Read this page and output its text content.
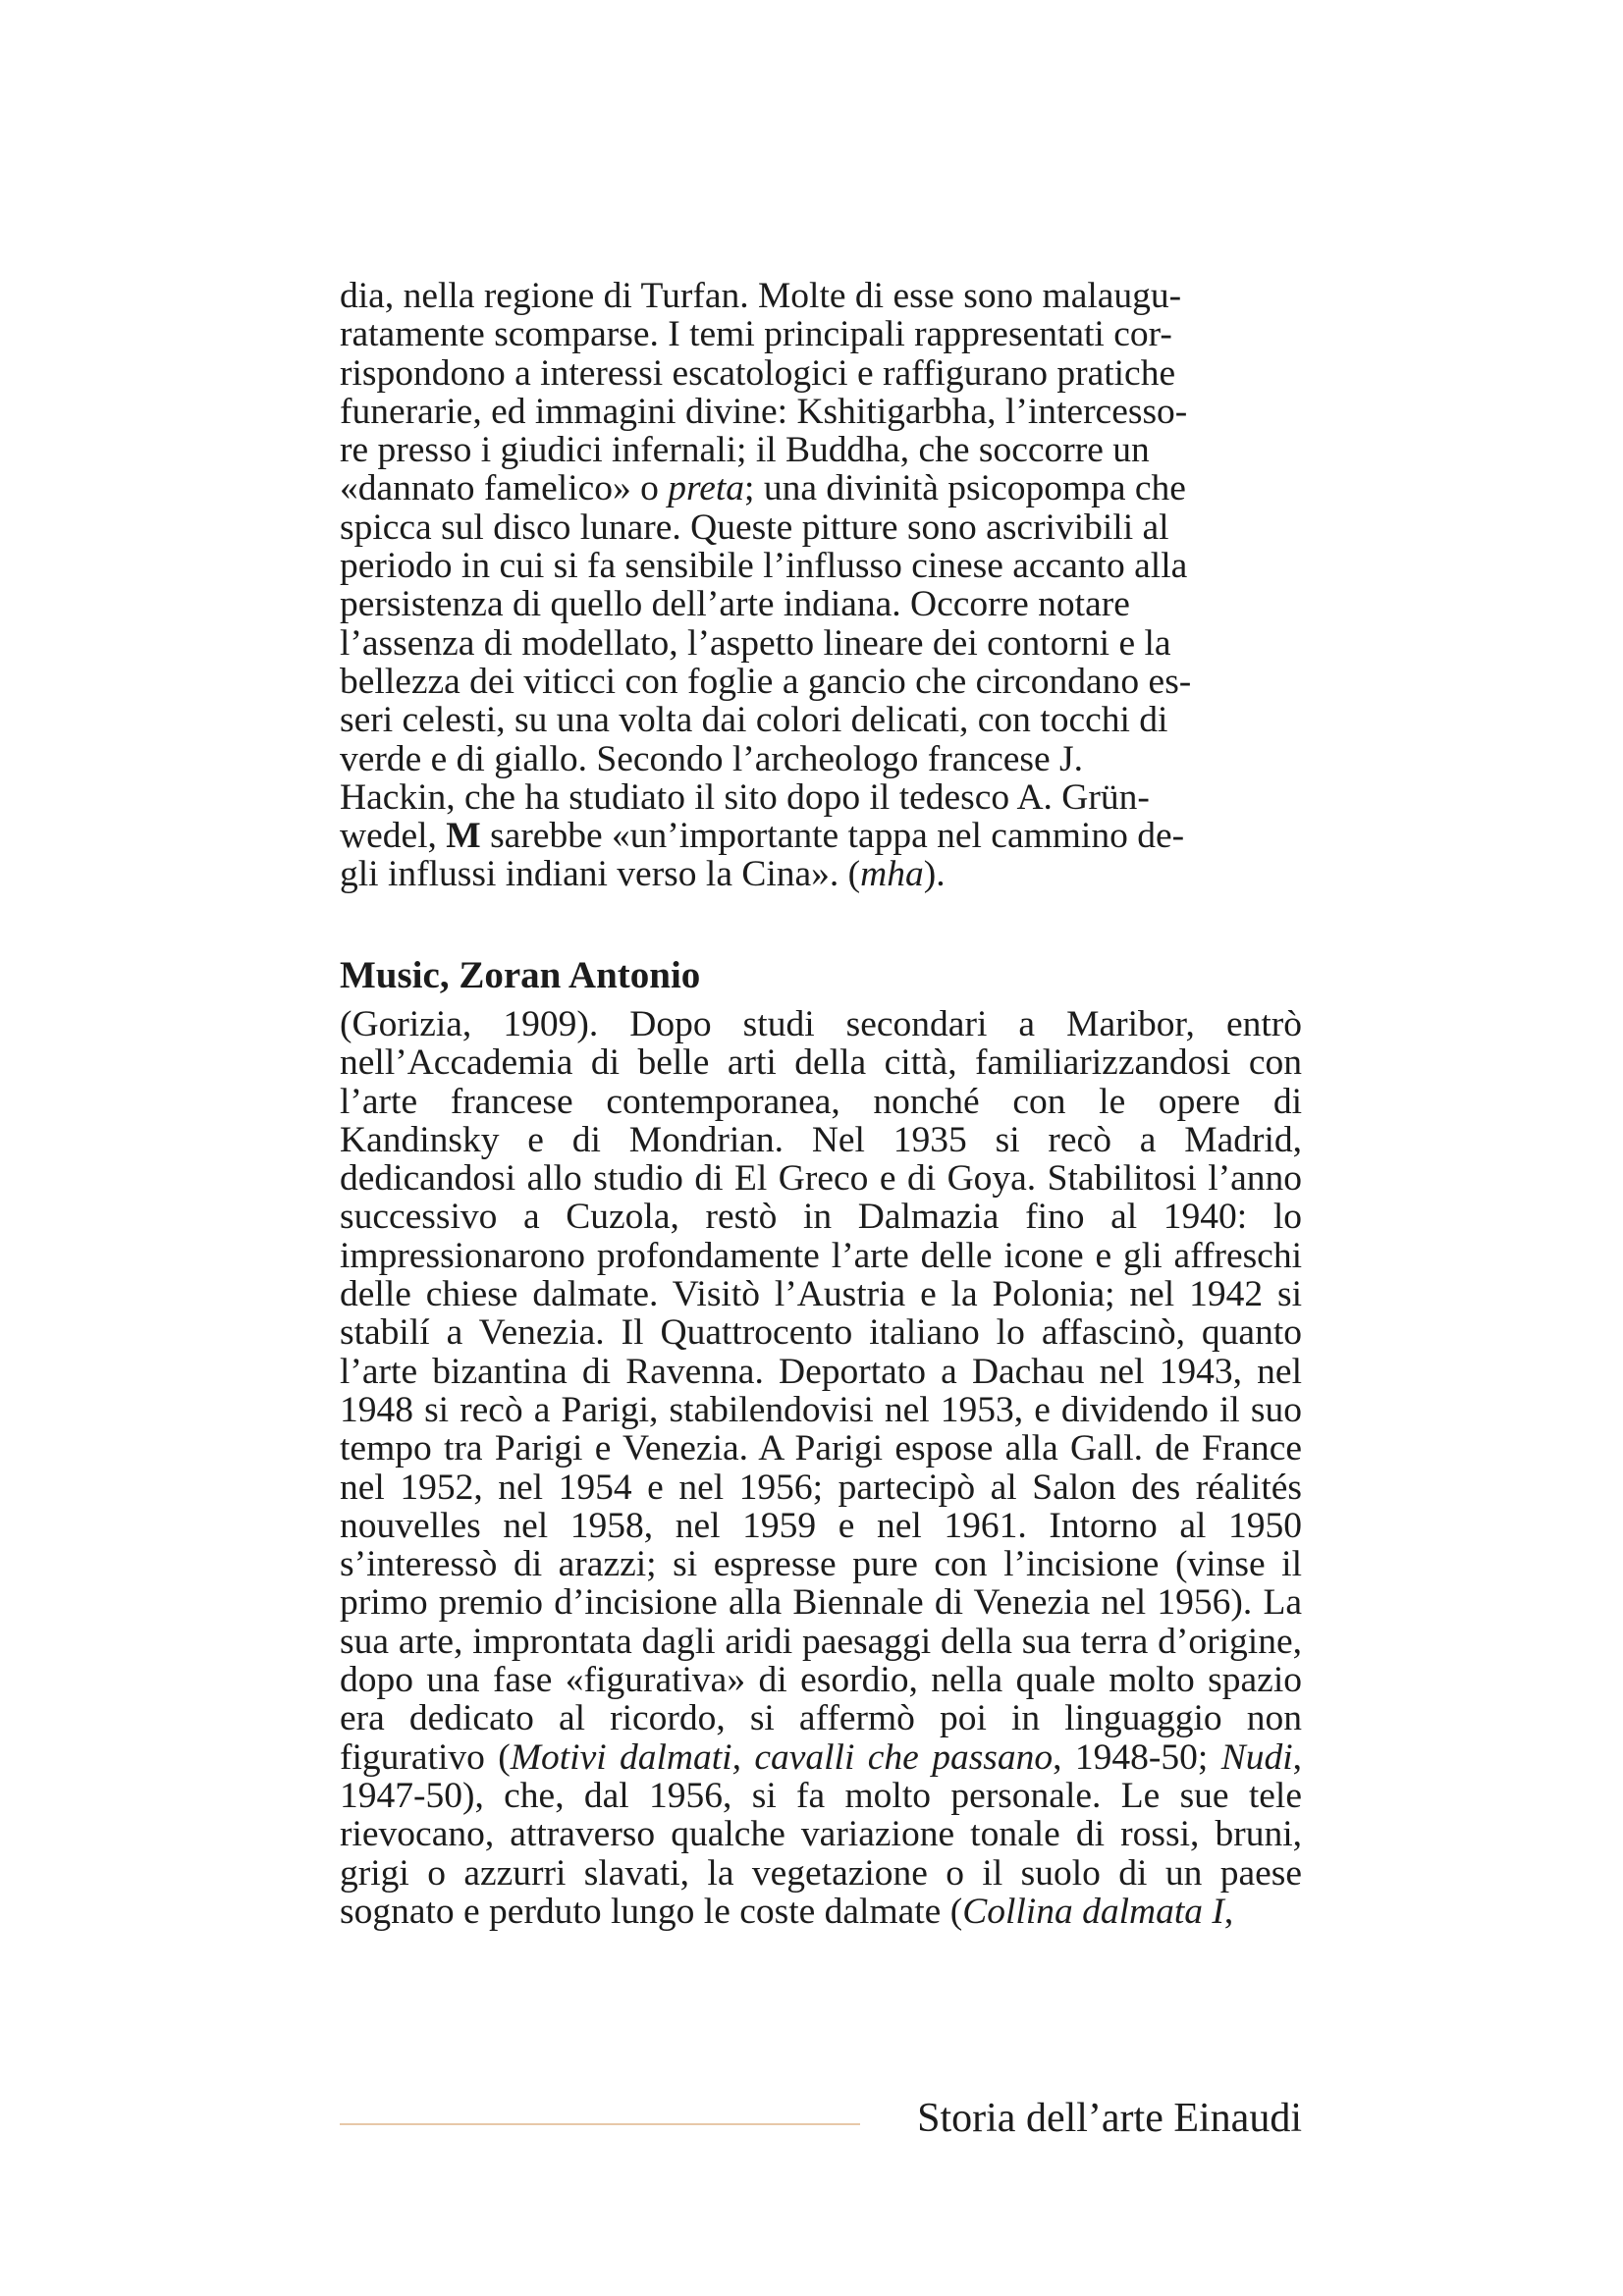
dia, nella regione di Turfan. Molte di esse sono malaugu-
ratamente scomparse. I temi principali rappresentati cor-
rispondono a interessi escatologici e raffigurano pratiche
funerarie, ed immagini divine: Kshitigarbha, l’intercesso-
re presso i giudici infernali; il Buddha, che soccorre un
«dannato famelico» o preta; una divinità psicopompa che
spicca sul disco lunare. Queste pitture sono ascrivibili al
periodo in cui si fa sensibile l’influsso cinese accanto alla
persistenza di quello dell’arte indiana. Occorre notare
l’assenza di modellato, l’aspetto lineare dei contorni e la
bellezza dei viticci con foglie a gancio che circondano es-
seri celesti, su una volta dai colori delicati, con tocchi di
verde e di giallo. Secondo l’archeologo francese J.
Hackin, che ha studiato il sito dopo il tedesco A. Grün-
wedel, M sarebbe «un’importante tappa nel cammino de-
gli influssi indiani verso la Cina». (mha).

Music, Zoran Antonio

(Gorizia, 1909). Dopo studi secondari a Maribor, entrò nell’Accademia di belle arti della città, familiarizzandosi con l’arte francese contemporanea, nonché con le opere di Kandinsky e di Mondrian. Nel 1935 si recò a Madrid, dedicandosi allo studio di El Greco e di Goya. Stabilitosi l’anno successivo a Cuzola, restò in Dalmazia fino al 1940: lo impressionarono profondamente l’arte delle icone e gli affreschi delle chiese dalmate. Visitò l’Austria e la Polonia; nel 1942 si stabilí a Venezia. Il Quattrocento italiano lo affascinò, quanto l’arte bizantina di Ravenna. Deportato a Dachau nel 1943, nel 1948 si recò a Parigi, stabilendovisi nel 1953, e dividendo il suo tempo tra Parigi e Venezia. A Parigi espose alla Gall. de France nel 1952, nel 1954 e nel 1956; partecipò al Salon des réalités nouvelles nel 1958, nel 1959 e nel 1961. Intorno al 1950 s’interessò di arazzi; si espresse pure con l’incisione (vinse il primo premio d’incisione alla Biennale di Venezia nel 1956). La sua arte, improntata dagli aridi paesaggi della sua terra d’origine, dopo una fase «figurativa» di esordio, nella quale molto spazio era dedicato al ricordo, si affermò poi in linguaggio non figurativo (Motivi dalmati, cavalli che passano, 1948-50; Nudi, 1947-50), che, dal 1956, si fa molto personale. Le sue tele rievocano, attraverso qualche variazione tonale di rossi, bruni, grigi o azzurri slavati, la vegetazione o il suolo di un paese sognato e perduto lungo le coste dalmate (Collina dalmata I,

Storia dell’arte Einaudi
